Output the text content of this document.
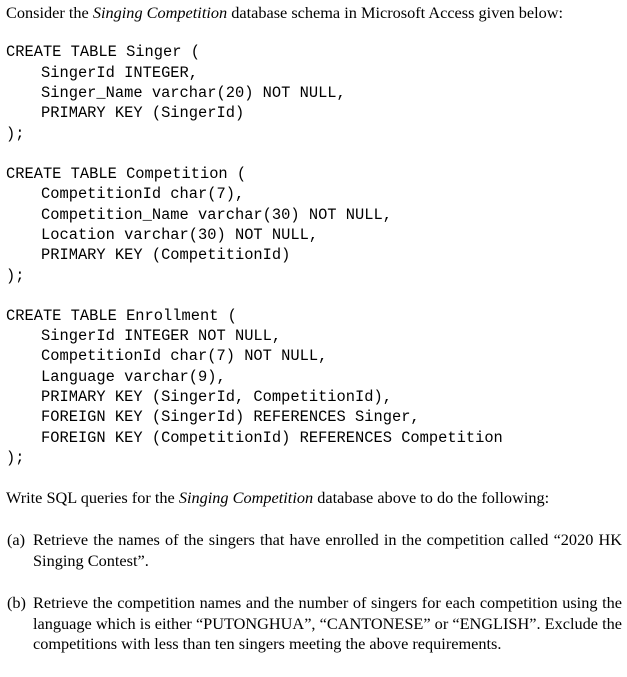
Consider the Singing Competition database schema in Microsoft Access given below:
CREATE TABLE Singer (
SingerId INTEGER,
Singer_Name varchar(20) NOT NULL,
PRIMARY KEY (SingerId)
);
CREATE TABLE Competition (
CompetitionId char(7),
Competition_Name varchar(30) NOT NULL,
Location varchar(30) NOT NULL,
PRIMARY KEY (CompetitionId)
);
CREATE TABLE Enrollment (
SingerId INTEGER NOT NULL,
CompetitionId char(7) NOT NULL,
Language varchar(9),
PRIMARY KEY (SingerId, CompetitionId),
FOREIGN KEY (SingerId) REFERENCES Singer,
FOREIGN KEY (CompetitionId) REFERENCES Competition
);
Write SQL queries for the Singing Competition database above to do the following:
(a) Retrieve the names of the singers that have enrolled in the competition called “2020 HK Singing Contest”.
(b) Retrieve the competition names and the number of singers for each competition using the language which is either “PUTONGHUA”, “CANTONESE” or “ENGLISH”. Exclude the competitions with less than ten singers meeting the above requirements.
